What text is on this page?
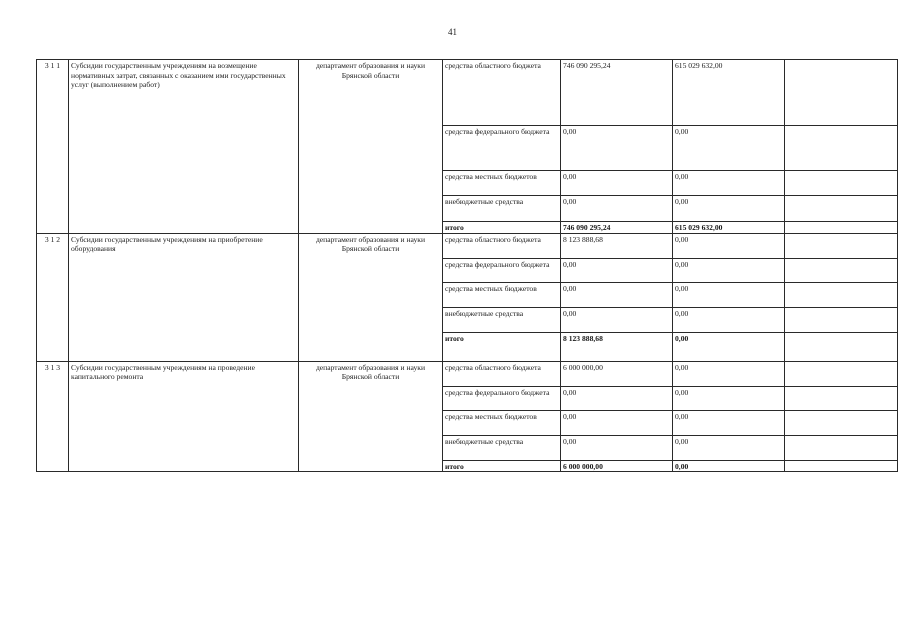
41
3 1 1	Субсидии государственным учреждениям на возмещение нормативных затрат, связанных с оказанием ими государственных услуг (выполнением работ)	департамент образования и науки Брянской области	средства областного бюджета	746 090 295,24	615 029 632,00	
			средства федерального бюджета	0,00	0,00	
			средства местных бюджетов	0,00	0,00	
			внебюджетные средства	0,00	0,00	
			итого	746 090 295,24	615 029 632,00	
3 1 2	Субсидии государственным учреждениям на приобретение оборудования	департамент образования и науки Брянской области	средства областного бюджета	8 123 888,68	0,00	
			средства федерального бюджета	0,00	0,00	
			средства местных бюджетов	0,00	0,00	
			внебюджетные средства	0,00	0,00	
			итого	8 123 888,68	0,00	
3 1 3	Субсидии государственным учреждениям на проведение капитального ремонта	департамент образования и науки Брянской области	средства областного бюджета	6 000 000,00	0,00	
			средства федерального бюджета	0,00	0,00	
			средства местных бюджетов	0,00	0,00	
			внебюджетные средства	0,00	0,00	
			итого	6 000 000,00	0,00	
